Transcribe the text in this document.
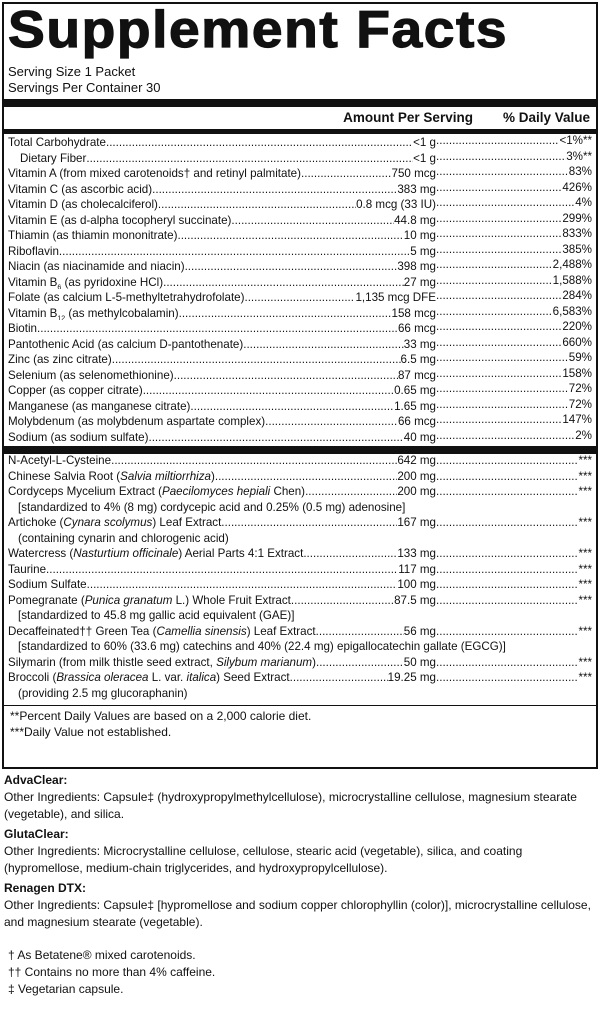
Supplement Facts
Serving Size 1 Packet
Servings Per Container 30
Amount Per Serving % Daily Value
Total Carbohydrate .....	<1 g .....	<1%**
Dietary Fiber .....	<1 g .....	3%**
Vitamin A (from mixed carotenoids† and retinyl palmitate) .....	750 mcg .....	83%
Vitamin C (as ascorbic acid) .....	383 mg .....	426%
Vitamin D (as cholecalciferol) .....	0.8 mcg (33 IU) .....	4%
Vitamin E (as d-alpha tocopheryl succinate) .....	44.8 mg .....	299%
Thiamin (as thiamin mononitrate) .....	10 mg .....	833%
Riboflavin .....	5 mg .....	385%
Niacin (as niacinamide and niacin) .....	398 mg .....	2,488%
Vitamin $B_6$ (as pyridoxine HCl) .....	27 mg .....	1,588%
Folate (as calcium L-5-methyltetrahydrofolate) .....	1,135 mcg DFE .....	284%
Vitamin $B_{12}$ (as methylcobalamin) .....	158 mcg .....	6,583%
Biotin .....	66 mcg .....	220%
Pantothenic Acid (as calcium D-pantothenate) .....	33 mg .....	660%
Zinc (as zinc citrate) .....	6.5 mg .....	59%
Selenium (as selenomethionine) .....	87 mcg .....	158%
Copper (as copper citrate) .....	0.65 mg .....	72%
Manganese (as manganese citrate) .....	1.65 mg .....	72%
Molybdenum (as molybdenum aspartate complex) .....	66 mcg .....	147%
Sodium (as sodium sulfate) .....	40 mg .....	2%
N-Acetyl-L-Cysteine .....	642 mg .....	***
Chinese Salvia Root (Salvia miltiorrhiza) .....	200 mg .....	***
Cordyceps Mycelium Extract (Paecilomyces hepiali Chen) .....	200 mg .....	***
[standardized to 4% (8 mg) cordycepic acid and 0.25% (0.5 mg) adenosine]
Artichoke (Cynara scolymus) Leaf Extract .....	167 mg .....	***
(containing cynarin and chlorogenic acid)
Watercress (Nasturtium officinale) Aerial Parts 4:1 Extract .....	133 mg .....	***
Taurine .....	117 mg .....	***
Sodium Sulfate .....	100 mg .....	***
Pomegranate (Punica granatum L.) Whole Fruit Extract .....	87.5 mg .....	***
[standardized to 45.8 mg gallic acid equivalent (GAE)]
Decaffeinated†† Green Tea (Camellia sinensis) Leaf Extract .....	56 mg .....	***
[standardized to 60% (33.6 mg) catechins and 40% (22.4 mg) epigallocatechin gallate (EGCG)]
Silymarin (from milk thistle seed extract, Silybum marianum) .....	50 mg .....	***
Broccoli (Brassica oleracea L. var. italica) Seed Extract .....	19.25 mg .....	***
(providing 2.5 mg glucoraphanin)
**Percent Daily Values are based on a 2,000 calorie diet.
***Daily Value not established.
AdvaClear:
Other Ingredients: Capsule‡ (hydroxypropylmethylcellulose), microcrystalline cellulose, magnesium stearate (vegetable), and silica.
GlutaClear:
Other Ingredients: Microcrystalline cellulose, cellulose, stearic acid (vegetable), silica, and coating (hypromellose, medium-chain triglycerides, and hydroxypropylcellulose).
Renagen DTX:
Other Ingredients: Capsule‡ [hypromellose and sodium copper chlorophyllin (color)], microcrystalline cellulose, and magnesium stearate (vegetable).
† As Betatene® mixed carotenoids.
†† Contains no more than 4% caffeine.
‡ Vegetarian capsule.
